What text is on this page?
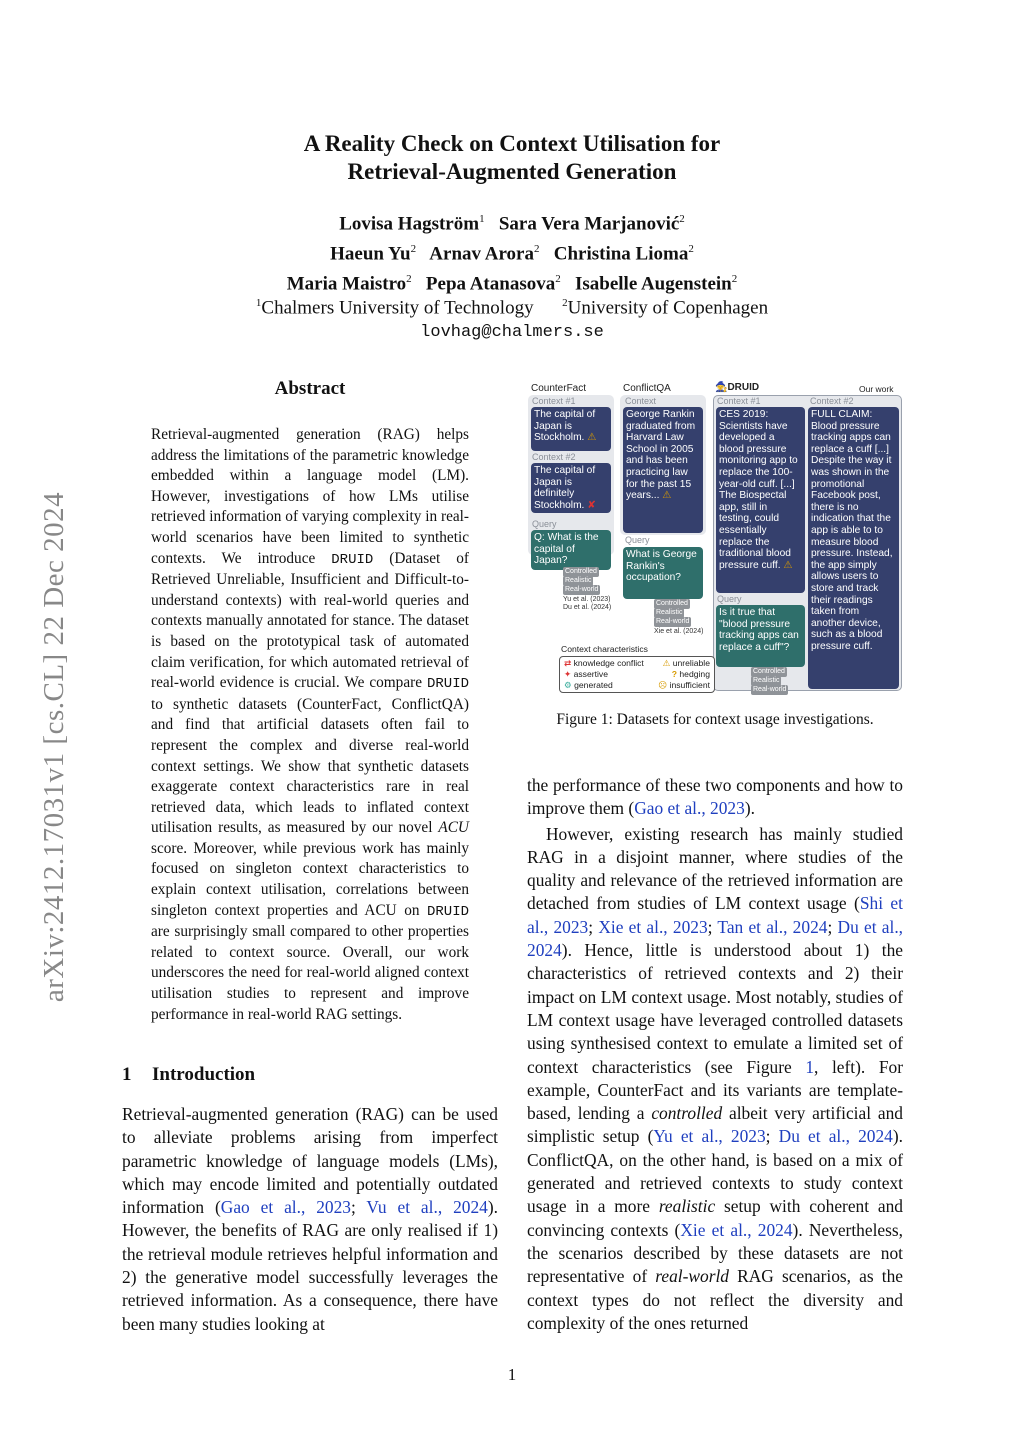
arXiv:2412.17031v1 [cs.CL] 22 Dec 2024
A Reality Check on Context Utilisation for
Retrieval-Augmented Generation
Lovisa Hagström$^1$ Sara Vera Marjanović$^2$
Haeun Yu$^2$ Arnav Arora$^2$ Christina Lioma$^2$
Maria Maistro$^2$ Pepa Atanasova$^2$ Isabelle Augenstein$^2$
$^1$Chalmers University of Technology	$^2$University of Copenhagen
lovhag@chalmers.se
Abstract
Retrieval-augmented generation (RAG) helps address the limitations of the parametric knowledge embedded within a language model (LM). However, investigations of how LMs utilise retrieved information of varying complexity in real-world scenarios have been limited to synthetic contexts. We introduce DRUID (Dataset of Retrieved Unreliable, Insufficient and Difficult-to-understand contexts) with real-world queries and contexts manually annotated for stance. The dataset is based on the prototypical task of automated claim verification, for which automated retrieval of real-world evidence is crucial. We compare DRUID to synthetic datasets (CounterFact, ConflictQA) and find that artificial datasets often fail to represent the complex and diverse real-world context settings. We show that synthetic datasets exaggerate context characteristics rare in real retrieved data, which leads to inflated context utilisation results, as measured by our novel ACU score. Moreover, while previous work has mainly focused on singleton context characteristics to explain context utilisation, correlations between singleton context properties and ACU on DRUID are surprisingly small compared to other properties related to context source. Overall, our work underscores the need for real-world aligned context utilisation studies to represent and improve performance in real-world RAG settings.
1 Introduction
Retrieval-augmented generation (RAG) can be used to alleviate problems arising from imperfect parametric knowledge of language models (LMs), which may encode limited and potentially outdated information (Gao et al., 2023; Vu et al., 2024). However, the benefits of RAG are only realised if 1) the retrieval module retrieves helpful information and 2) the generative model successfully leverages the retrieved information. As a consequence, there have been many studies looking at
CounterFact	ConflictQA	🧙DRUID	Our work
Context #1
The capital of Japan is Stockholm. ⚠
Context #2
The capital of Japan is definitely Stockholm. ✘
Query
Q: What is the capital of Japan?
Controlled
Realistic
Real-world
Yu et al. (2023) Du et al. (2024)
Context
George Rankin graduated from Harvard Law School in 2005 and has been practicing law for the past 15 years... ⚠
Query
What is George Rankin's occupation?
Controlled
Realistic
Real-world
Xie et al. (2024)
Context #1	Context #2
CES 2019: Scientists have developed a blood pressure monitoring app to replace the 100-year-old cuff. [...] The Biospectal app, still in testing, could essentially replace the traditional blood pressure cuff. ⚠
FULL CLAIM: Blood pressure tracking apps can replace a cuff [...] Despite the way it was shown in the promotional Facebook post, there is no indication that the app is able to to measure blood pressure. Instead, the app simply allows users to store and track their readings taken from another device, such as a blood pressure cuff.
Query
Is it true that "blood pressure tracking apps can replace a cuff"?
Controlled
Realistic
Real-world
Context characteristics
⇄ knowledge conflict ⚠ unreliable
✦ assertive	? hedging
⚙ generated	☹ insufficient
Figure 1: Datasets for context usage investigations.

the performance of these two components and how to improve them (Gao et al., 2023).

However, existing research has mainly studied RAG in a disjoint manner, where studies of the quality and relevance of the retrieved information are detached from studies of LM context usage (Shi et al., 2023; Xie et al., 2023; Tan et al., 2024; Du et al., 2024). Hence, little is understood about 1) the characteristics of retrieved contexts and 2) their impact on LM context usage. Most notably, studies of LM context usage have leveraged controlled datasets using synthesised context to emulate a limited set of context characteristics (see Figure 1, left). For example, CounterFact and its variants are template-based, lending a controlled albeit very artificial and simplistic setup (Yu et al., 2023; Du et al., 2024). ConflictQA, on the other hand, is based on a mix of generated and retrieved contexts to study context usage in a more realistic setup with coherent and convincing contexts (Xie et al., 2024). Nevertheless, the scenarios described by these datasets are not representative of real-world RAG scenarios, as the context types do not reflect the diversity and complexity of the ones returned

1
